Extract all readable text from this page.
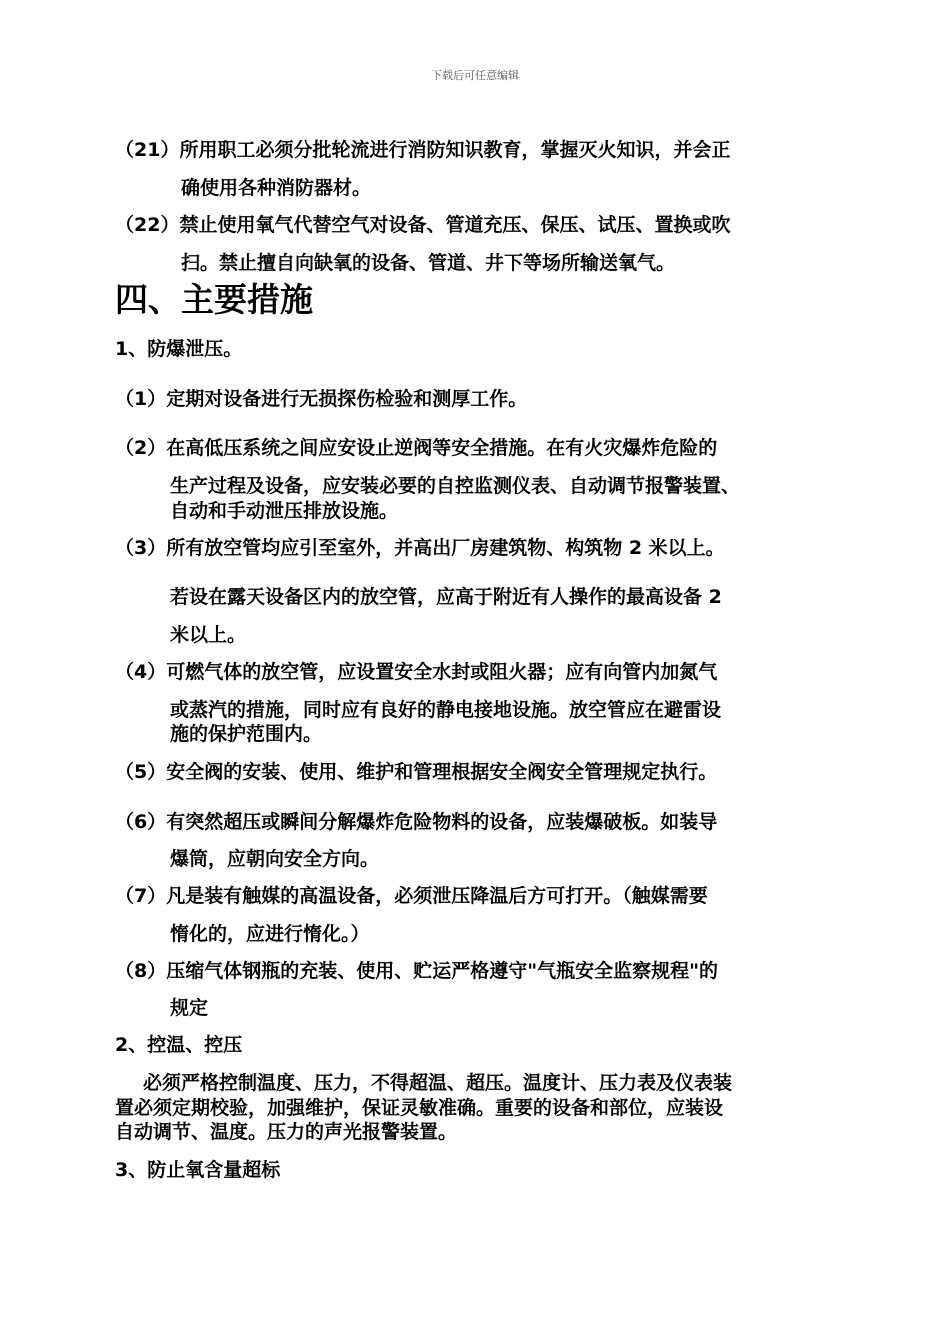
下载后可任意编辑
（21）所用职工必须分批轮流进行消防知识教育，掌握灭火知识，并会正
确使用各种消防器材。
（22）禁止使用氧气代替空气对设备、管道充压、保压、试压、置换或吹
扫。禁止擅自向缺氧的设备、管道、井下等场所输送氧气。
四、主要措施
1、防爆泄压。
（1）定期对设备进行无损探伤检验和测厚工作。
（2）在高低压系统之间应安设止逆阀等安全措施。在有火灾爆炸危险的
生产过程及设备，应安装必要的自控监测仪表、自动调节报警装置、
自动和手动泄压排放设施。
（3）所有放空管均应引至室外，并高出厂房建筑物、构筑物 2 米以上。
若设在露天设备区内的放空管，应高于附近有人操作的最高设备 2
米以上。
（4）可燃气体的放空管，应设置安全水封或阻火器；应有向管内加氮气
或蒸汽的措施，同时应有良好的静电接地设施。放空管应在避雷设
施的保护范围内。
（5）安全阀的安装、使用、维护和管理根据安全阀安全管理规定执行。
（6）有突然超压或瞬间分解爆炸危险物料的设备，应装爆破板。如装导
爆筒，应朝向安全方向。
（7）凡是装有触媒的高温设备，必须泄压降温后方可打开。（触媒需要
惰化的，应进行惰化。）
（8）压缩气体钢瓶的充装、使用、贮运严格遵守"气瓶安全监察规程"的
规定
2、控温、控压
必须严格控制温度、压力，不得超温、超压。温度计、压力表及仪表装
置必须定期校验，加强维护，保证灵敏准确。重要的设备和部位，应装设
自动调节、温度。压力的声光报警装置。
3、防止氧含量超标
